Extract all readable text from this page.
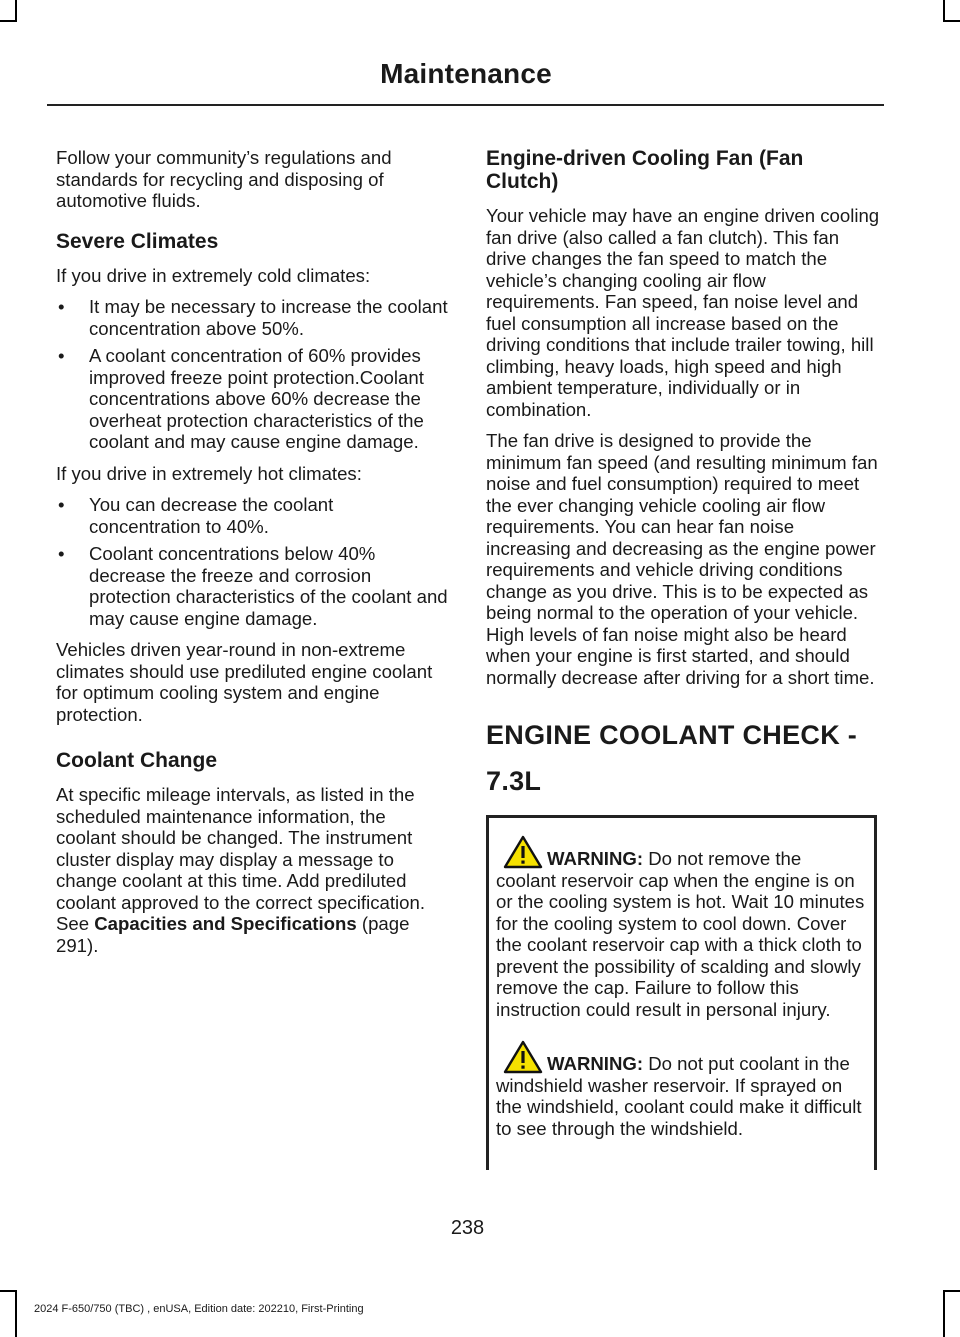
Maintenance

Follow your community’s regulations and standards for recycling and disposing of automotive fluids.

Severe Climates

If you drive in extremely cold climates:

• It may be necessary to increase the coolant concentration above 50%.
• A coolant concentration of 60% provides improved freeze point protection.Coolant concentrations above 60% decrease the overheat protection characteristics of the coolant and may cause engine damage.

If you drive in extremely hot climates:

• You can decrease the coolant concentration to 40%.
• Coolant concentrations below 40% decrease the freeze and corrosion protection characteristics of the coolant and may cause engine damage.

Vehicles driven year-round in non-extreme climates should use prediluted engine coolant for optimum cooling system and engine protection.

Coolant Change

At specific mileage intervals, as listed in the scheduled maintenance information, the coolant should be changed. The instrument cluster display may display a message to change coolant at this time. Add prediluted coolant approved to the correct specification. See Capacities and Specifications (page 291).

Engine-driven Cooling Fan (Fan Clutch)

Your vehicle may have an engine driven cooling fan drive (also called a fan clutch). This fan drive changes the fan speed to match the vehicle’s changing cooling air flow requirements. Fan speed, fan noise level and fuel consumption all increase based on the driving conditions that include trailer towing, hill climbing, heavy loads, high speed and high ambient temperature, individually or in combination.

The fan drive is designed to provide the minimum fan speed (and resulting minimum fan noise and fuel consumption) required to meet the ever changing vehicle cooling air flow requirements. You can hear fan noise increasing and decreasing as the engine power requirements and vehicle driving conditions change as you drive. This is to be expected as being normal to the operation of your vehicle. High levels of fan noise might also be heard when your engine is first started, and should normally decrease after driving for a short time.

ENGINE COOLANT CHECK -
7.3L
WARNING: Do not remove the coolant reservoir cap when the engine is on or the cooling system is hot. Wait 10 minutes for the cooling system to cool down. Cover the coolant reservoir cap with a thick cloth to prevent the possibility of scalding and slowly remove the cap. Failure to follow this instruction could result in personal injury.
WARNING: Do not put coolant in the windshield washer reservoir. If sprayed on the windshield, coolant could make it difficult to see through the windshield.
238
2024 F-650/750 (TBC) , enUSA, Edition date: 202210, First-Printing
